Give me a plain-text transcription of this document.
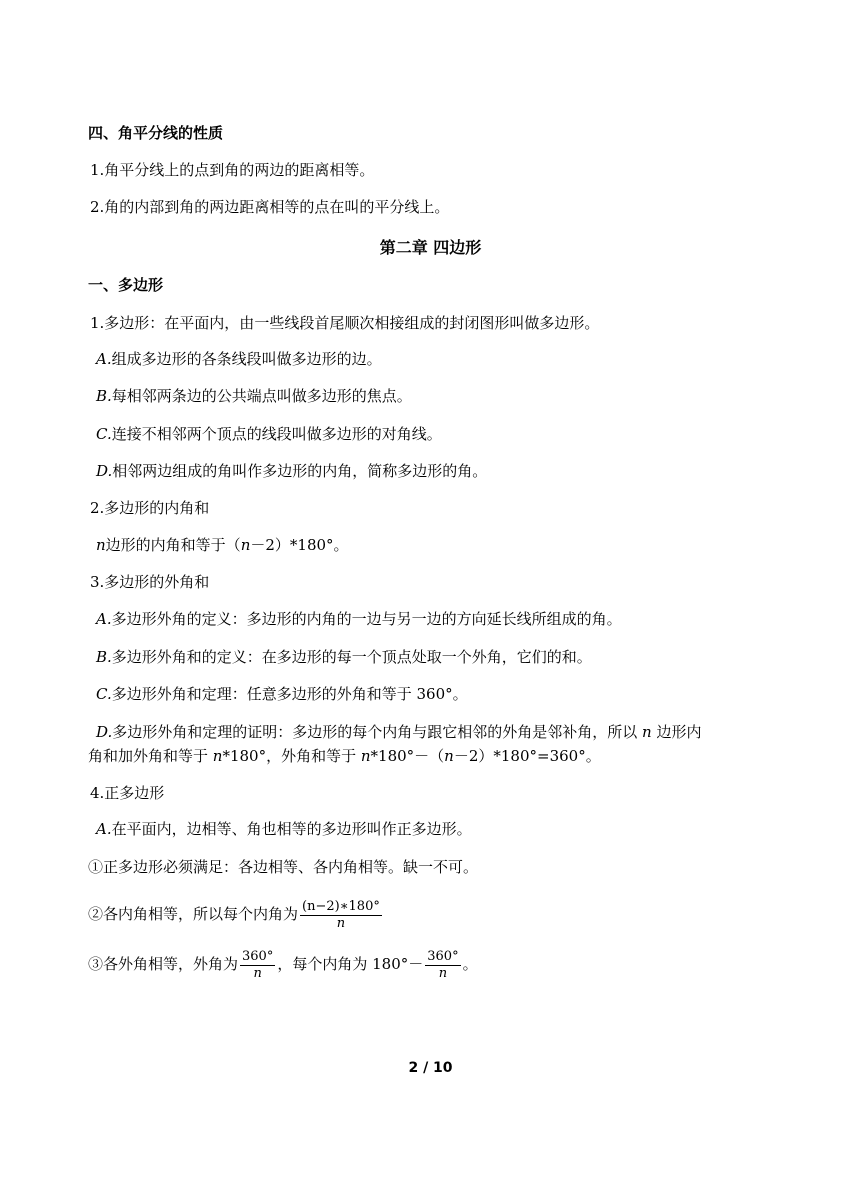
四、角平分线的性质
1.角平分线上的点到角的两边的距离相等。
2.角的内部到角的两边距离相等的点在叫的平分线上。
第二章 四边形
一、多边形
1.多边形：在平面内，由一些线段首尾顺次相接组成的封闭图形叫做多边形。
A.组成多边形的各条线段叫做多边形的边。
B.每相邻两条边的公共端点叫做多边形的焦点。
C.连接不相邻两个顶点的线段叫做多边形的对角线。
D.相邻两边组成的角叫作多边形的内角，简称多边形的角。
2.多边形的内角和
n边形的内角和等于（n－2）*180°。
3.多边形的外角和
A.多边形外角的定义：多边形的内角的一边与另一边的方向延长线所组成的角。
B.多边形外角和的定义：在多边形的每一个顶点处取一个外角，它们的和。
C.多边形外角和定理：任意多边形的外角和等于 360°。
D.多边形外角和定理的证明：多边形的每个内角与跟它相邻的外角是邻补角，所以 n 边形内
角和加外角和等于 n*180°，外角和等于 n*180°－（n－2）*180°=360°。
4.正多边形
A.在平面内，边相等、角也相等的多边形叫作正多边形。
①正多边形必须满足：各边相等、各内角相等。缺一不可。
②各内角相等，所以每个内角为 $\frac{(n-2)∗180^\circ}{n}$
③各外角相等，外角为 $\frac{360^\circ}{n}$ ，每个内角为 $180^\circ- \frac{360^\circ}{n}$ 。
2 / 10
